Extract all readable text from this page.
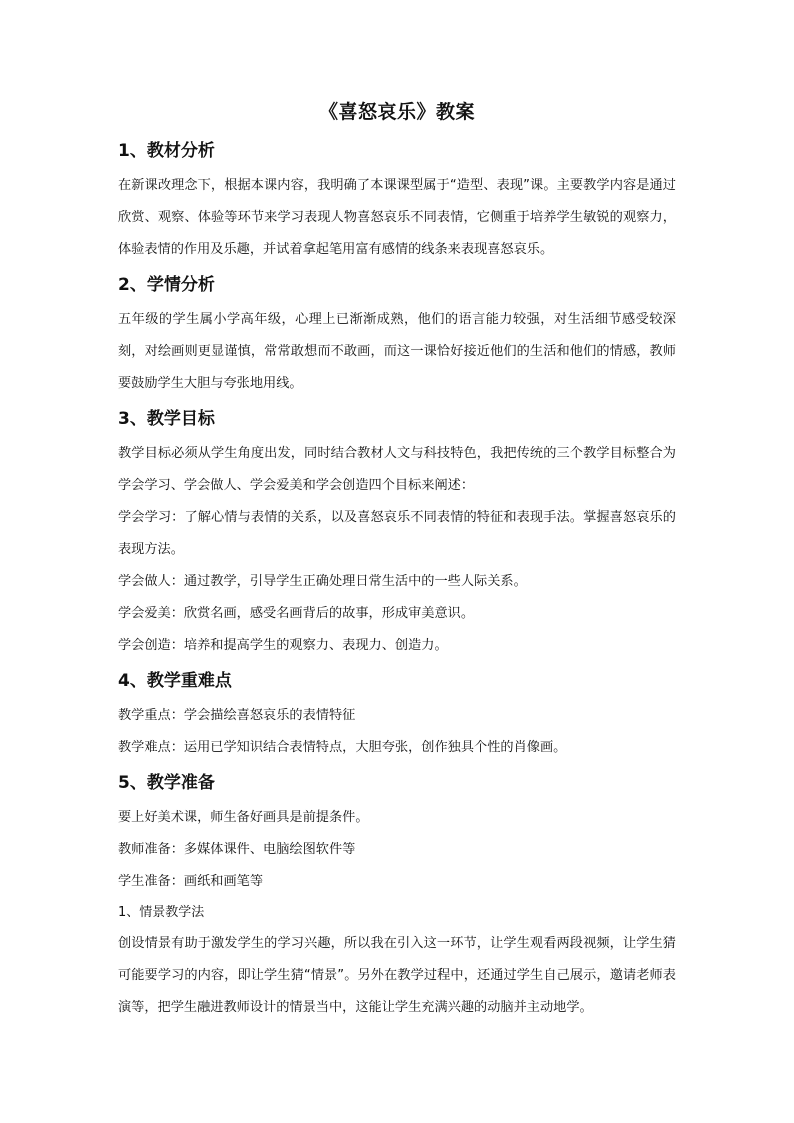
《喜怒哀乐》教案
1、教材分析

在新课改理念下，根据本课内容，我明确了本课课型属于“造型、表现”课。主要教学内容是通过欣赏、观察、体验等环节来学习表现人物喜怒哀乐不同表情，它侧重于培养学生敏锐的观察力，体验表情的作用及乐趣，并试着拿起笔用富有感情的线条来表现喜怒哀乐。

2、学情分析

五年级的学生属小学高年级，心理上已渐渐成熟，他们的语言能力较强，对生活细节感受较深刻，对绘画则更显谨慎，常常敢想而不敢画，而这一课恰好接近他们的生活和他们的情感，教师要鼓励学生大胆与夸张地用线。

3、教学目标

教学目标必须从学生角度出发，同时结合教材人文与科技特色，我把传统的三个教学目标整合为学会学习、学会做人、学会爱美和学会创造四个目标来阐述：

学会学习：了解心情与表情的关系，以及喜怒哀乐不同表情的特征和表现手法。掌握喜怒哀乐的表现方法。

学会做人：通过教学，引导学生正确处理日常生活中的一些人际关系。

学会爱美：欣赏名画，感受名画背后的故事，形成审美意识。

学会创造：培养和提高学生的观察力、表现力、创造力。

4、教学重难点

教学重点：学会描绘喜怒哀乐的表情特征

教学难点：运用已学知识结合表情特点，大胆夸张，创作独具个性的肖像画。

5、教学准备

要上好美术课，师生备好画具是前提条件。

教师准备：多媒体课件、电脑绘图软件等

学生准备：画纸和画笔等

1、情景教学法

创设情景有助于激发学生的学习兴趣，所以我在引入这一环节，让学生观看两段视频，让学生猜可能要学习的内容，即让学生猜“情景”。另外在教学过程中，还通过学生自己展示，邀请老师表演等，把学生融进教师设计的情景当中，这能让学生充满兴趣的动脑并主动地学。
